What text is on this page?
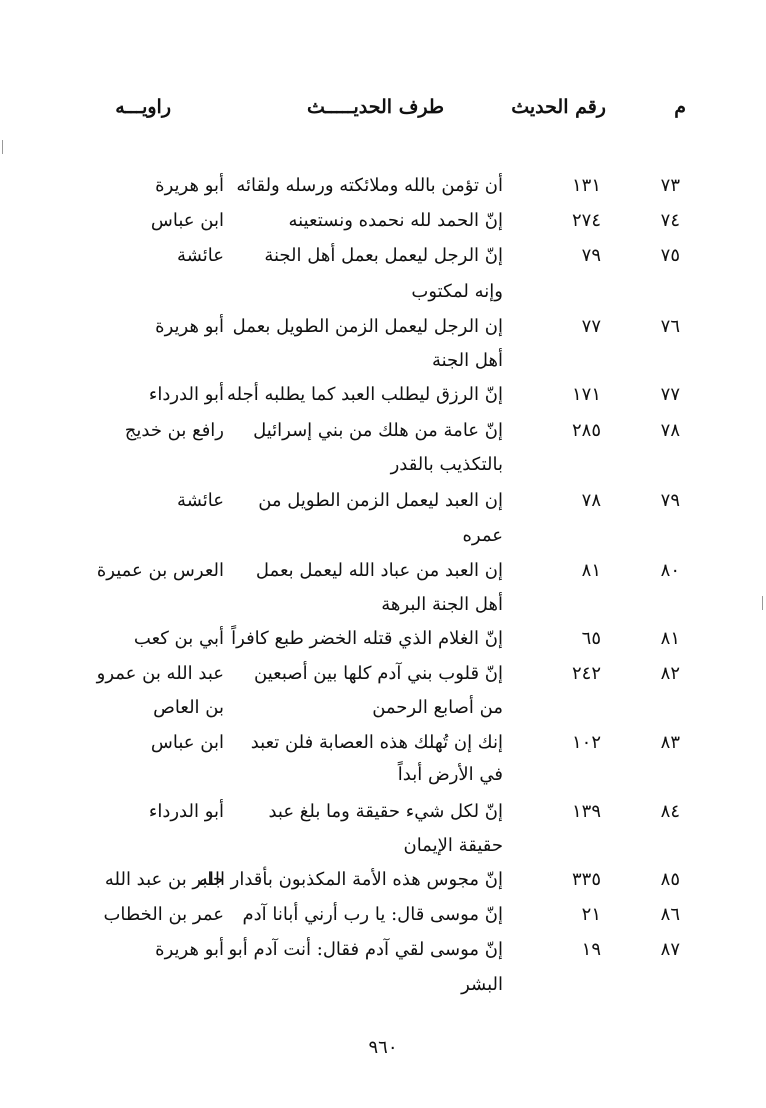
م
رقم الحديث
طرف الحديـــــث
راويـــه
٧٣
١٣١
أن تؤمن بالله وملائكته ورسله ولقائه
أبو هريرة
٧٤
٢٧٤
إنّ الحمد لله نحمده ونستعينه
ابن عباس
٧٥
٧٩
إنّ الرجل ليعمل بعمل أهل الجنة
وإنه لمكتوب
عائشة
٧٦
٧٧
إن الرجل ليعمل الزمن الطويل بعمل
أهل الجنة
أبو هريرة
٧٧
١٧١
إنّ الرزق ليطلب العبد كما يطلبه أجله
أبو الدرداء
٧٨
٢٨٥
إنّ عامة من هلك من بني إسرائيل
بالتكذيب بالقدر
رافع بن خديج
٧٩
٧٨
إن العبد ليعمل الزمن الطويل من
عمره
عائشة
٨٠
٨١
إن العبد من عباد الله ليعمل بعمل
أهل الجنة البرهة
العرس بن عميرة
٨١
٦٥
إنّ الغلام الذي قتله الخضر طبع كافراً
أبي بن كعب
٨٢
٢٤٢
إنّ قلوب بني آدم كلها بين أصبعين
من أصابع الرحمن
عبد الله بن عمرو
بن العاص
٨٣
١٠٢
إنك إن تُهلك هذه العصابة فلن تعبد
في الأرض أبداً
ابن عباس
٨٤
١٣٩
إنّ لكل شيء حقيقة وما بلغ عبد
حقيقة الإيمان
أبو الدرداء
٨٥
٣٣٥
إنّ مجوس هذه الأمة المكذبون بأقدار الله
جابر بن عبد الله
٨٦
٢١
إنّ موسى قال: يا رب أرني أبانا آدم
عمر بن الخطاب
٨٧
١٩
إنّ موسى لقي آدم فقال: أنت آدم أبو
البشر
أبو هريرة
٩٦٠
